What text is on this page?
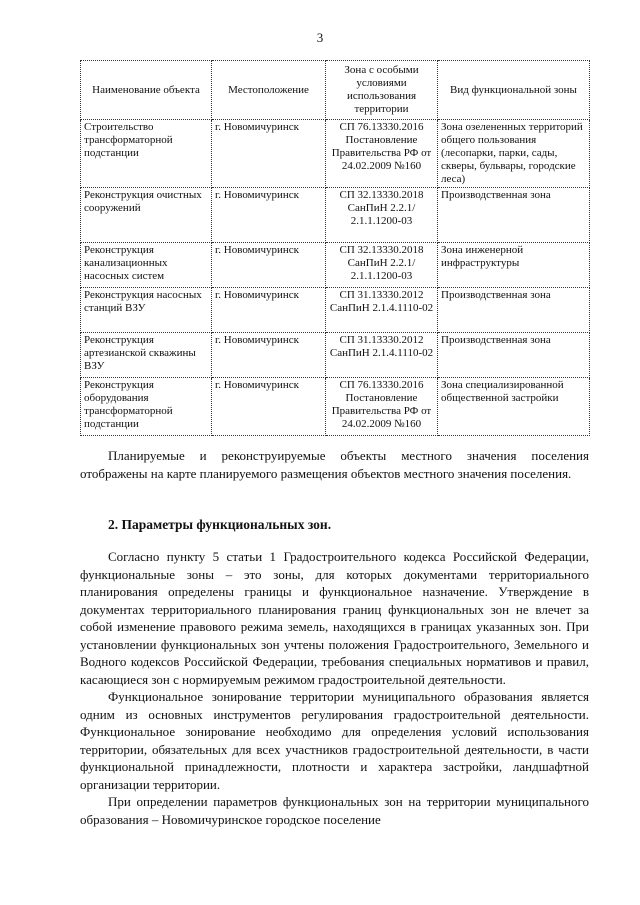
3
Наименование объекта	Местоположение	Зона с особыми условиями использования территории	Вид функциональной зоны
Строительство трансформаторной подстанции	г. Новомичуринск	СП 76.13330.2016 Постановление Правительства РФ от 24.02.2009 №160	Зона озелененных территорий общего пользования (лесопарки, парки, сады, скверы, бульвары, городские леса)
Реконструкция очистных сооружений	г. Новомичуринск	СП 32.13330.2018 СанПиН 2.2.1/ 2.1.1.1200-03	Производственная зона
Реконструкция канализационных насосных систем	г. Новомичуринск	СП 32.13330.2018 СанПиН 2.2.1/ 2.1.1.1200-03	Зона инженерной инфраструктуры
Реконструкция насосных станций ВЗУ	г. Новомичуринск	СП 31.13330.2012 СанПиН 2.1.4.1110-02	Производственная зона
Реконструкция артезианской скважины ВЗУ	г. Новомичуринск	СП 31.13330.2012 СанПиН 2.1.4.1110-02	Производственная зона
Реконструкция оборудования трансформаторной подстанции	г. Новомичуринск	СП 76.13330.2016 Постановление Правительства РФ от 24.02.2009 №160	Зона специализированной общественной застройки
Планируемые и реконструируемые объекты местного значения поселения отображены на карте планируемого размещения объектов местного значения поселения.
2. Параметры функциональных зон.
Согласно пункту 5 статьи 1 Градостроительного кодекса Российской Федерации, функциональные зоны – это зоны, для которых документами территориального планирования определены границы и функциональное назначение. Утверждение в документах территориального планирования границ функциональных зон не влечет за собой изменение правового режима земель, находящихся в границах указанных зон. При установлении функциональных зон учтены положения Градостроительного, Земельного и Водного кодексов Российской Федерации, требования специальных нормативов и правил, касающиеся зон с нормируемым режимом градостроительной деятельности.
Функциональное зонирование территории муниципального образования является одним из основных инструментов регулирования градостроительной деятельности. Функциональное зонирование необходимо для определения условий использования территории, обязательных для всех участников градостроительной деятельности, в части функциональной принадлежности, плотности и характера застройки, ландшафтной организации территории.
При определении параметров функциональных зон на территории муниципального образования – Новомичуринское городское поселение
